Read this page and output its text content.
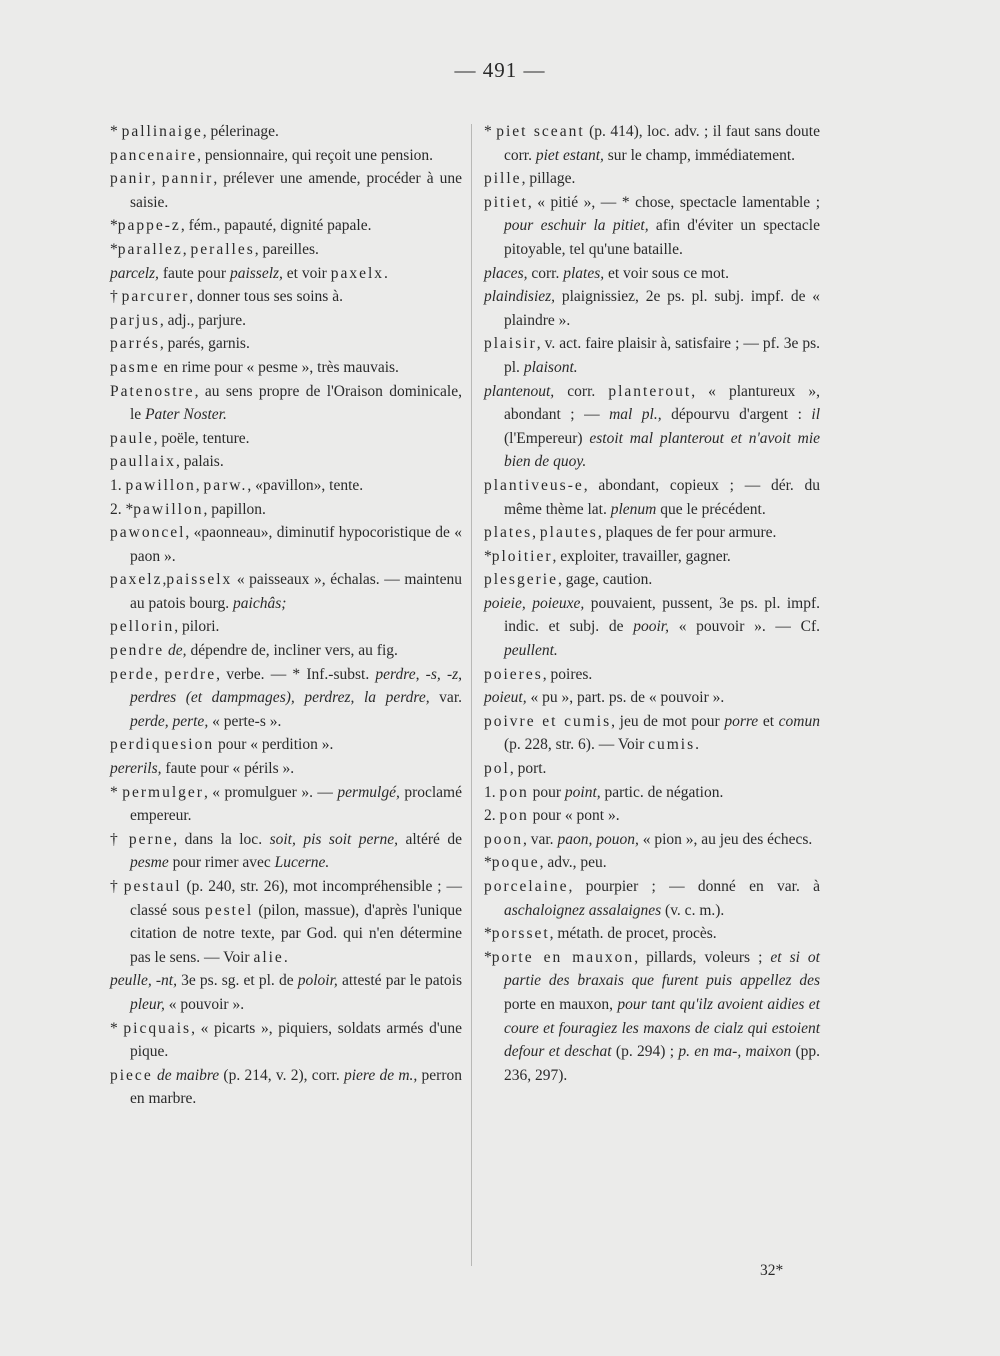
— 491 —
* pallinaige, pélerinage.
pancenaire, pensionnaire, qui reçoit une pension.
panir, pannir, prélever une amende, procéder à une saisie.
*pappe-z, fém., papauté, dignité papale.
*parallez, peralles, pareilles.
parcelz, faute pour paisselz, et voir paxelx.
† parcurer, donner tous ses soins à.
parjus, adj., parjure.
parrés, parés, garnis.
pasme en rime pour « pesme », très mauvais.
Patenostre, au sens propre de l'Oraison dominicale, le Pater Noster.
paule, poële, tenture.
paullaix, palais.
1. pawillon, parw., «pavillon», tente.
2. *pawillon, papillon.
pawoncel, «paonneau», diminutif hypocoristique de « paon ».
paxelz,paisselx « paisseaux », échalas. — maintenu au patois bourg. paichâs;
pellorin, pilori.
pendre de, dépendre de, incliner vers, au fig.
perde, perdre, verbe. — * Inf.-subst. perdre, -s, -z, perdres (et dampmages), perdrez, la perdre, var. perde, perte, « perte-s ».
perdiquesion pour « perdition ».
pererils, faute pour « périls ».
* permulger, « promulguer ». — permulgé, proclamé empereur.
† perne, dans la loc. soit, pis soit perne, altéré de pesme pour rimer avec Lucerne.
† pestaul (p. 240, str. 26), mot incompréhensible ; — classé sous pestel (pilon, massue), d'après l'unique citation de notre texte, par God. qui n'en détermine pas le sens. — Voir alie.
peulle, -nt, 3e ps. sg. et pl. de poloir, attesté par le patois pleur, « pouvoir ».
* picquais, « picarts », piquiers, soldats armés d'une pique.
piece de maibre (p. 214, v. 2), corr. piere de m., perron en marbre.
* piet sceant (p. 414), loc. adv. ; il faut sans doute corr. piet estant, sur le champ, immédiatement.
pille, pillage.
pitiet, « pitié », — * chose, spectacle lamentable ; pour eschuir la pitiet, afin d'éviter un spectacle pitoyable, tel qu'une bataille.
places, corr. plates, et voir sous ce mot.
plaindisiez, plaignissiez, 2e ps. pl. subj. impf. de « plaindre ».
plaisir, v. act. faire plaisir à, satisfaire ; — pf. 3e ps. pl. plaisont.
plantenout, corr. planterout, « plantureux », abondant ; — mal pl., dépourvu d'argent : il (l'Empereur) estoit mal planterout et n'avoit mie bien de quoy.
plantiveus-e, abondant, copieux ; — dér. du même thème lat. plenum que le précédent.
plates, plautes, plaques de fer pour armure.
*ploitier, exploiter, travailler, gagner.
plesgerie, gage, caution.
poieie, poieuxe, pouvaient, pussent, 3e ps. pl. impf. indic. et subj. de pooir, « pouvoir ». — Cf. peullent.
poieres, poires.
poieut, « pu », part. ps. de « pouvoir ».
poivre et cumis, jeu de mot pour porre et comun (p. 228, str. 6). — Voir cumis.
pol, port.
1. pon pour point, partic. de négation.
2. pon pour « pont ».
poon, var. paon, pouon, « pion », au jeu des échecs.
*poque, adv., peu.
porcelaine, pourpier ; — donné en var. à aschaloignez assalaignes (v. c. m.).
*porsset, métath. de procet, procès.
*porte en mauxon, pillards, voleurs ; et si ot partie des braxais que furent puis appellez des porte en mauxon, pour tant qu'ilz avoient aidies et coure et fouragiez les maxons de cialz qui estoient defour et deschat (p. 294) ; p. en ma-, maixon (pp. 236, 297).
32*
